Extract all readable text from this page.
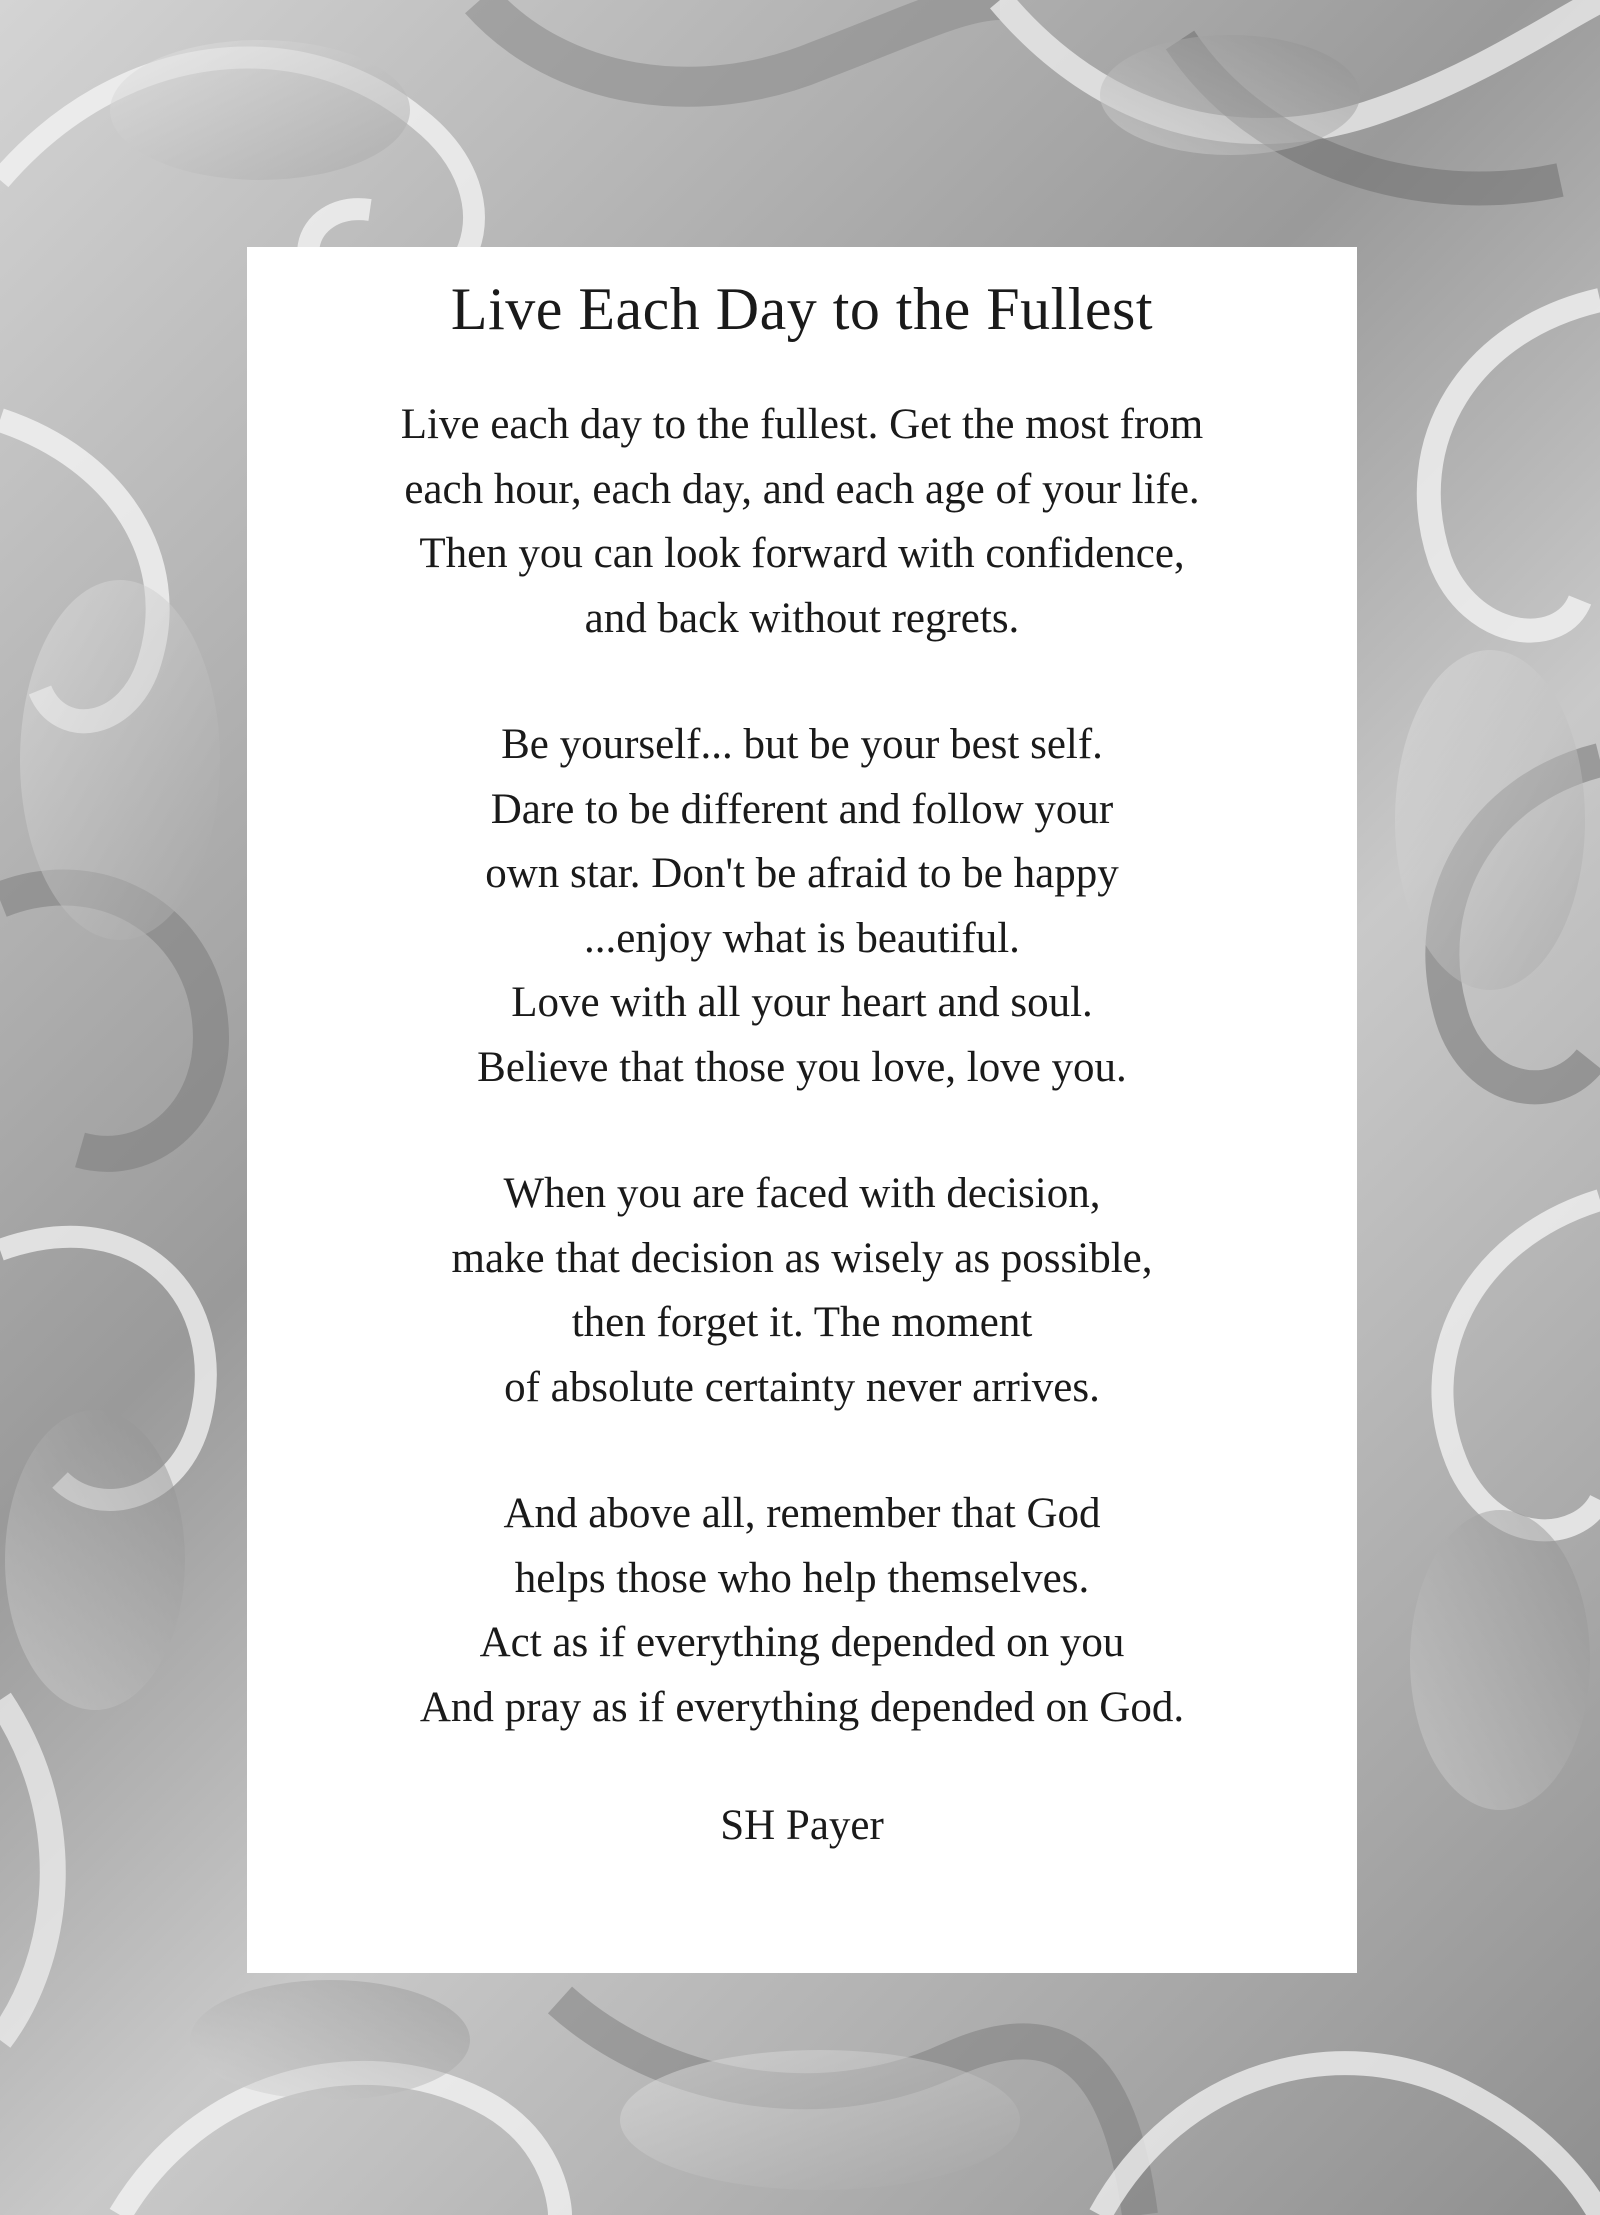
Live Each Day to the Fullest
Live each day to the fullest. Get the most from
each hour, each day, and each age of your life.
Then you can look forward with confidence,
and back without regrets.
Be yourself... but be your best self.
Dare to be different and follow your
own star. Don't be afraid to be happy
...enjoy what is beautiful.
Love with all your heart and soul.
Believe that those you love, love you.
When you are faced with decision,
make that decision as wisely as possible,
then forget it. The moment
of absolute certainty never arrives.
And above all, remember that God
helps those who help themselves.
Act as if everything depended on you
And pray as if everything depended on God.
SH Payer
